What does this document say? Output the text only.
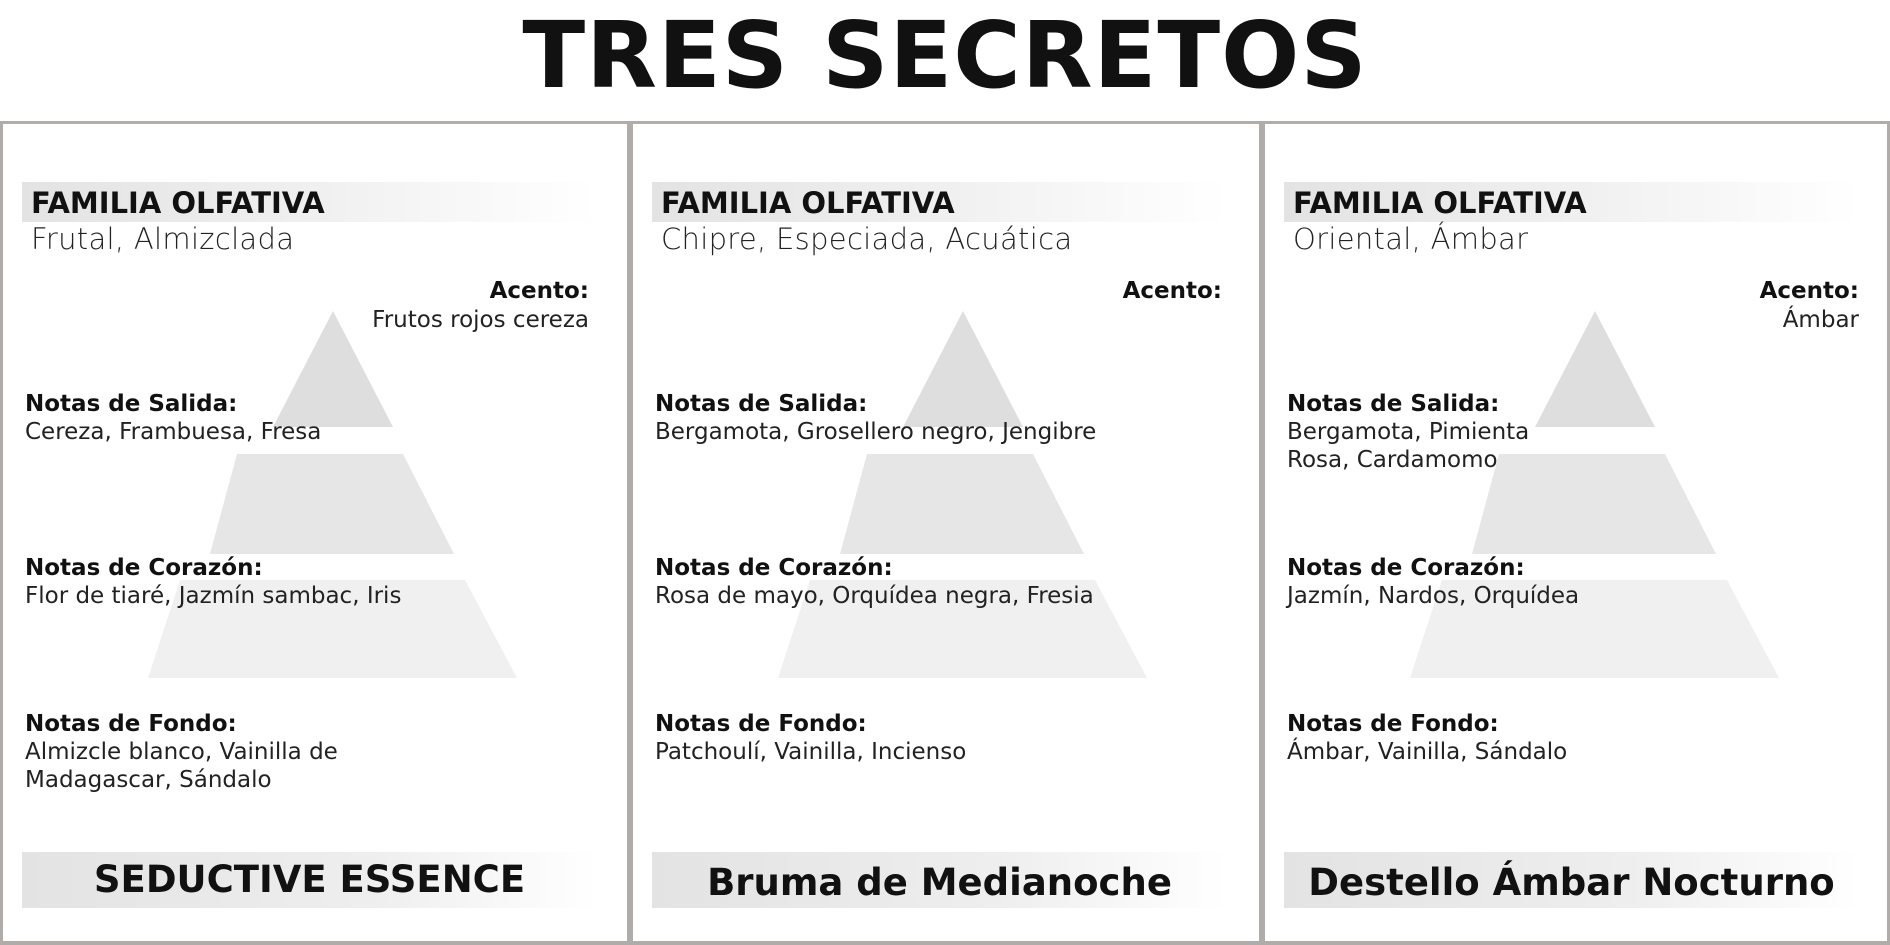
TRES SECRETOS
FAMILIA OLFATIVA
Frutal, Almizclada
Acento:
Frutos rojos cereza
Notas de Salida:
Cereza, Frambuesa, Fresa
Notas de Corazón:
Flor de tiaré, Jazmín sambac, Iris
Notas de Fondo:
Almizcle blanco, Vainilla de Madagascar, Sándalo
SEDUCTIVE ESSENCE
FAMILIA OLFATIVA
Chipre, Especiada, Acuática
Acento:
Notas de Salida:
Bergamota, Grosellero negro, Jengibre
Notas de Corazón:
Rosa de mayo, Orquídea negra, Fresia
Notas de Fondo:
Patchoulí, Vainilla, Incienso
Bruma de Medianoche
FAMILIA OLFATIVA
Oriental, Ámbar
Acento:
Ámbar
Notas de Salida:
Bergamota, Pimienta Rosa, Cardamomo
Notas de Corazón:
Jazmín, Nardos, Orquídea
Notas de Fondo:
Ámbar, Vainilla, Sándalo
Destello Ámbar Nocturno
